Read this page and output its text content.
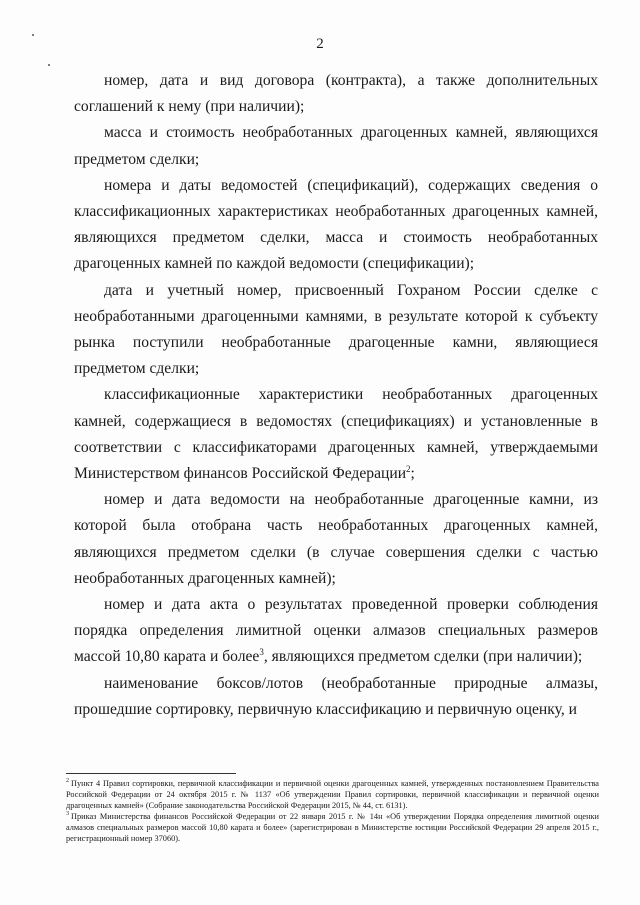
2

номер, дата и вид договора (контракта), а также дополнительных соглашений к нему (при наличии);

масса и стоимость необработанных драгоценных камней, являющихся предметом сделки;

номера и даты ведомостей (спецификаций), содержащих сведения о классификационных характеристиках необработанных драгоценных камней, являющихся предметом сделки, масса и стоимость необработанных драгоценных камней по каждой ведомости (спецификации);

дата и учетный номер, присвоенный Гохраном России сделке с необработанными драгоценными камнями, в результате которой к субъекту рынка поступили необработанные драгоценные камни, являющиеся предметом сделки;

классификационные характеристики необработанных драгоценных камней, содержащиеся в ведомостях (спецификациях) и установленные в соответствии с классификаторами драгоценных камней, утверждаемыми Министерством финансов Российской Федерации$^2$;

номер и дата ведомости на необработанные драгоценные камни, из которой была отобрана часть необработанных драгоценных камней, являющихся предметом сделки (в случае совершения сделки с частью необработанных драгоценных камней);

номер и дата акта о результатах проведенной проверки соблюдения порядка определения лимитной оценки алмазов специальных размеров массой 10,80 карата и более$^3$, являющихся предметом сделки (при наличии);

наименование боксов/лотов (необработанные природные алмазы, прошедшие сортировку, первичную классификацию и первичную оценку, и

$^2$ Пункт 4 Правил сортировки, первичной классификации и первичной оценки драгоценных камней, утвержденных постановлением Правительства Российской Федерации от 24 октября 2015 г. № 1137 «Об утверждении Правил сортировки, первичной классификации и первичной оценки драгоценных камней» (Собрание законодательства Российской Федерации 2015, № 44, ст. 6131).

$^3$ Приказ Министерства финансов Российской Федерации от 22 января 2015 г. № 14н «Об утверждении Порядка определения лимитной оценки алмазов специальных размеров массой 10,80 карата и более» (зарегистрирован в Министерстве юстиции Российской Федерации 29 апреля 2015 г., регистрационный номер 37060).
